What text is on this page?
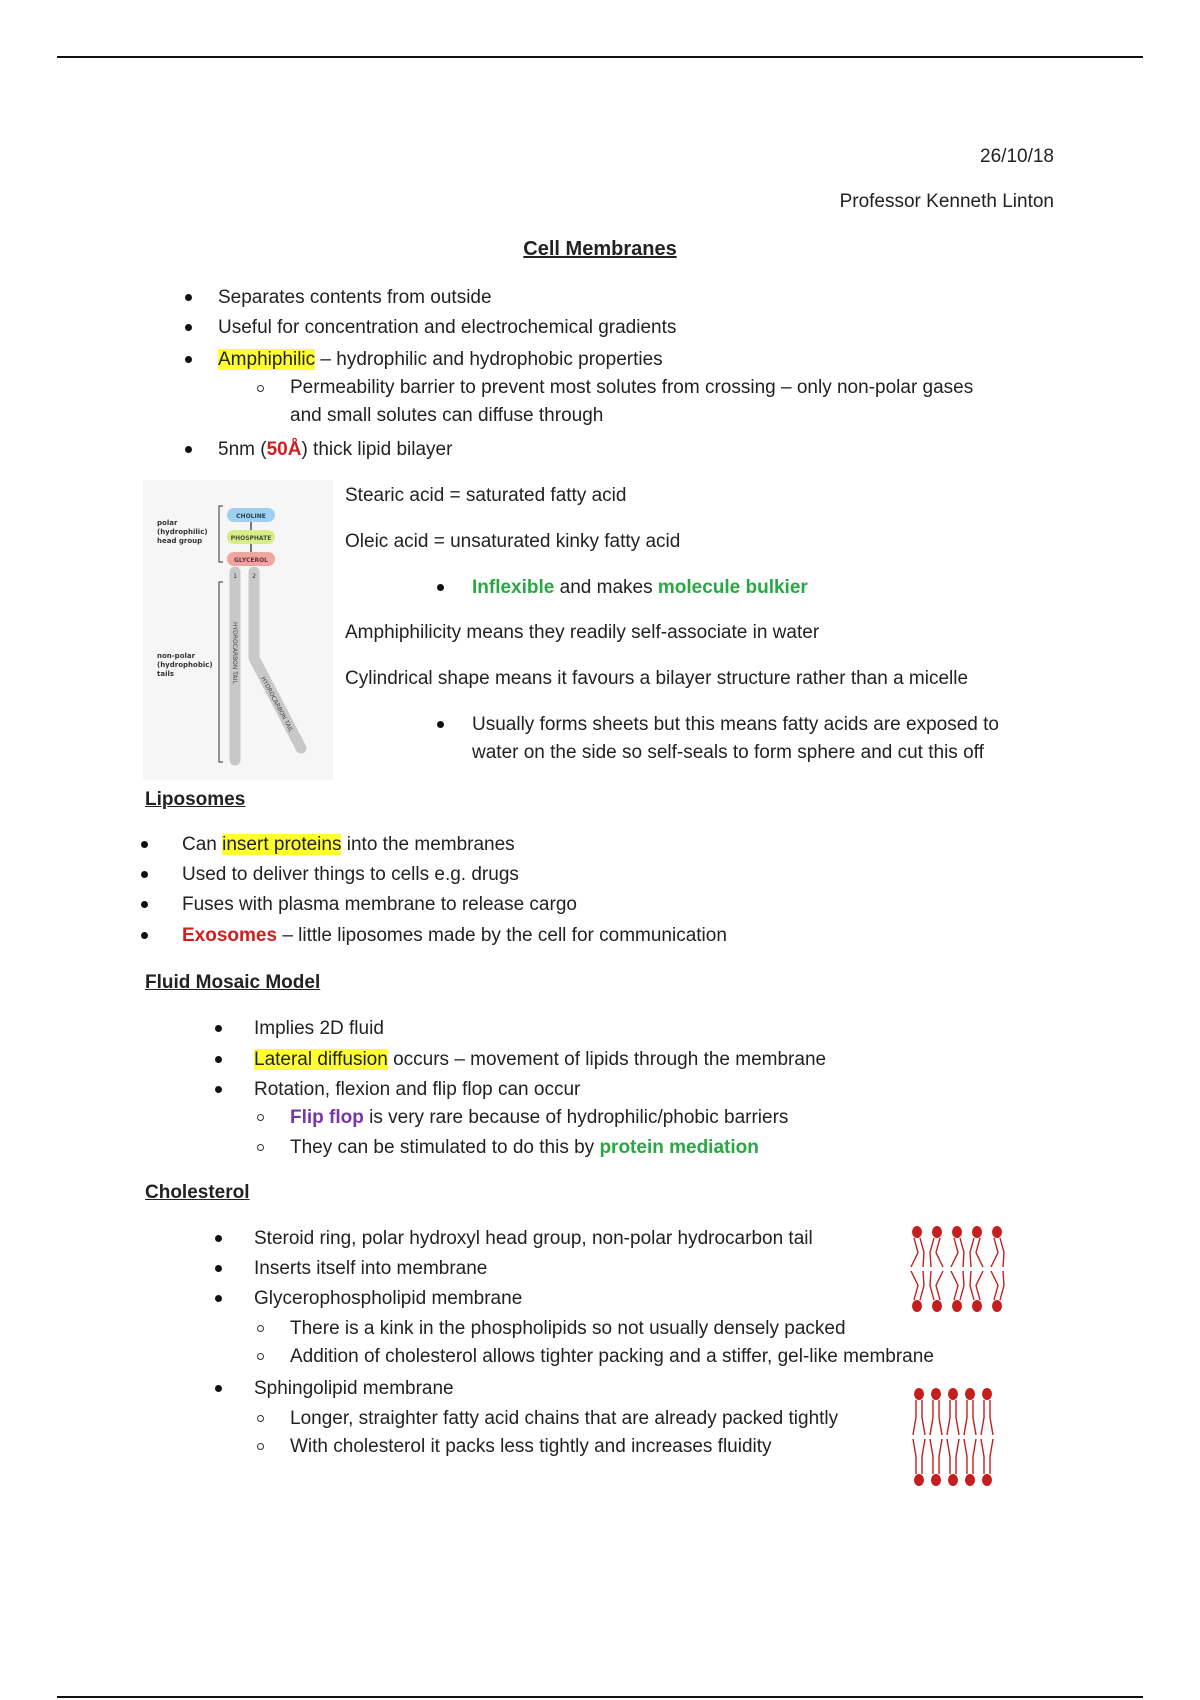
26/10/18
Professor Kenneth Linton
Cell Membranes
Separates contents from outside
Useful for concentration and electrochemical gradients
Amphiphilic – hydrophilic and hydrophobic properties
Permeability barrier to prevent most solutes from crossing – only non-polar gases
and small solutes can diffuse through
5nm (50Å) thick lipid bilayer
polar
(hydrophilic)
head group
non-polar
(hydrophobic)
tails
CHOLINE
PHOSPHATE
GLYCEROL
1	2
HYDROCARBON TAIL
HYDROCARBON TAIL
Stearic acid = saturated fatty acid
Oleic acid = unsaturated kinky fatty acid
Inflexible and makes molecule bulkier
Amphiphilicity means they readily self-associate in water
Cylindrical shape means it favours a bilayer structure rather than a micelle
Usually forms sheets but this means fatty acids are exposed to
water on the side so self-seals to form sphere and cut this off
Liposomes
Can insert proteins into the membranes
Used to deliver things to cells e.g. drugs
Fuses with plasma membrane to release cargo
Exosomes – little liposomes made by the cell for communication
Fluid Mosaic Model
Implies 2D fluid
Lateral diffusion occurs – movement of lipids through the membrane
Rotation, flexion and flip flop can occur
Flip flop is very rare because of hydrophilic/phobic barriers
They can be stimulated to do this by protein mediation
Cholesterol
Steroid ring, polar hydroxyl head group, non-polar hydrocarbon tail
Inserts itself into membrane
Glycerophospholipid membrane
There is a kink in the phospholipids so not usually densely packed
Addition of cholesterol allows tighter packing and a stiffer, gel-like membrane
Sphingolipid membrane
Longer, straighter fatty acid chains that are already packed tightly
With cholesterol it packs less tightly and increases fluidity
